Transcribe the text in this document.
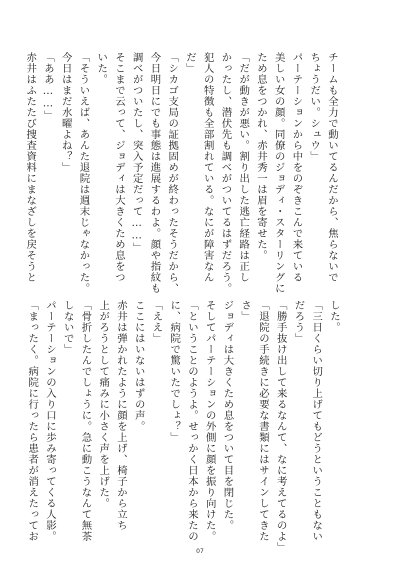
チームも全力で動いてるんだから、焦らないで
ちょうだい。シュウ」
パーテーションから中をのぞきこんで来ている
美しい女の顔。同僚のジョディ・スターリングに
ため息をつかれ、赤井秀一は眉を寄せた。
「だが動きが悪い。割り出した逃亡経路は正し
かったし、潜伏先も調べがついてるはずだろう。
犯人の特徴も全部割れている。なにが障害なん
だ」
「シカゴ支局の証拠固めが終わったそうだから、
今日明日にでも事態は進展するわよ。顔や指紋も
調べがついたし、突入予定だって……」
そこまで云って、ジョディは大きくため息をつ
いた。
「そういえば、あんた退院は週末じゃなかった。
今日はまだ水曜よね？」
「ああ……」
赤井はふたたび捜査資料にまなざしを戻そうと
した。
「三日くらい切り上げてもどうということもない
だろう」
「勝手抜け出して来るなんて、なに考えてるのよ」
「退院の手続きに必要な書類にはサインしてきた
さ」
ジョディは大きくため息をついて目を閉じた。
そしてパーテーションの外側に顔を振り向けた。
「ということのようよ。せっかく日本から来たの
に、病院で驚いたでしょ？」
「ええ」
ここにはいないはずの声。
赤井は弾かれたように顔を上げ、椅子から立ち
上がろうとして痛みに小さく声を上げた。
「骨折したんでしょうに。急に動こうなんて無茶
しないで」
パーテーションの入り口に歩み寄ってくる人影。
「まったく。病院に行ったら患者が消えたってお
07
